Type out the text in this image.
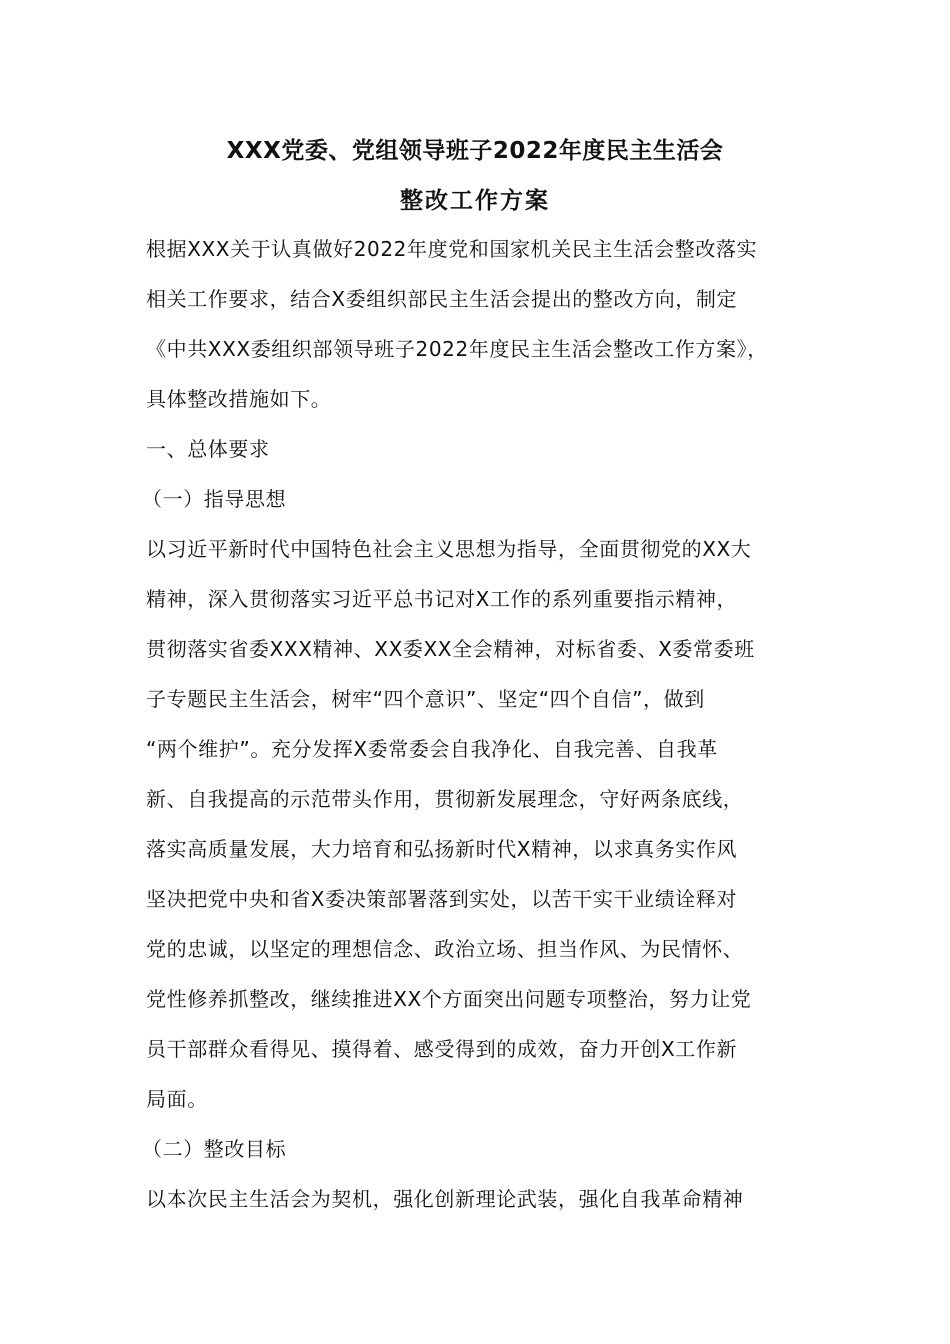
XXX党委、党组领导班子2022年度民主生活会
整改工作方案
根据XXX关于认真做好2022年度党和国家机关民主生活会整改落实
相关工作要求，结合X委组织部民主生活会提出的整改方向，制定
《中共XXX委组织部领导班子2022年度民主生活会整改工作方案》，
具体整改措施如下。
一、总体要求
（一）指导思想
以习近平新时代中国特色社会主义思想为指导，全面贯彻党的XX大
精神，深入贯彻落实习近平总书记对X工作的系列重要指示精神，
贯彻落实省委XXX精神、XX委XX全会精神，对标省委、X委常委班
子专题民主生活会，树牢“四个意识”、坚定“四个自信”，做到
“两个维护”。充分发挥X委常委会自我净化、自我完善、自我革
新、自我提高的示范带头作用，贯彻新发展理念，守好两条底线，
落实高质量发展，大力培育和弘扬新时代X精神，以求真务实作风
坚决把党中央和省X委决策部署落到实处，以苦干实干业绩诠释对
党的忠诚，以坚定的理想信念、政治立场、担当作风、为民情怀、
党性修养抓整改，继续推进XX个方面突出问题专项整治，努力让党
员干部群众看得见、摸得着、感受得到的成效，奋力开创X工作新
局面。
（二）整改目标
以本次民主生活会为契机，强化创新理论武装，强化自我革命精神
